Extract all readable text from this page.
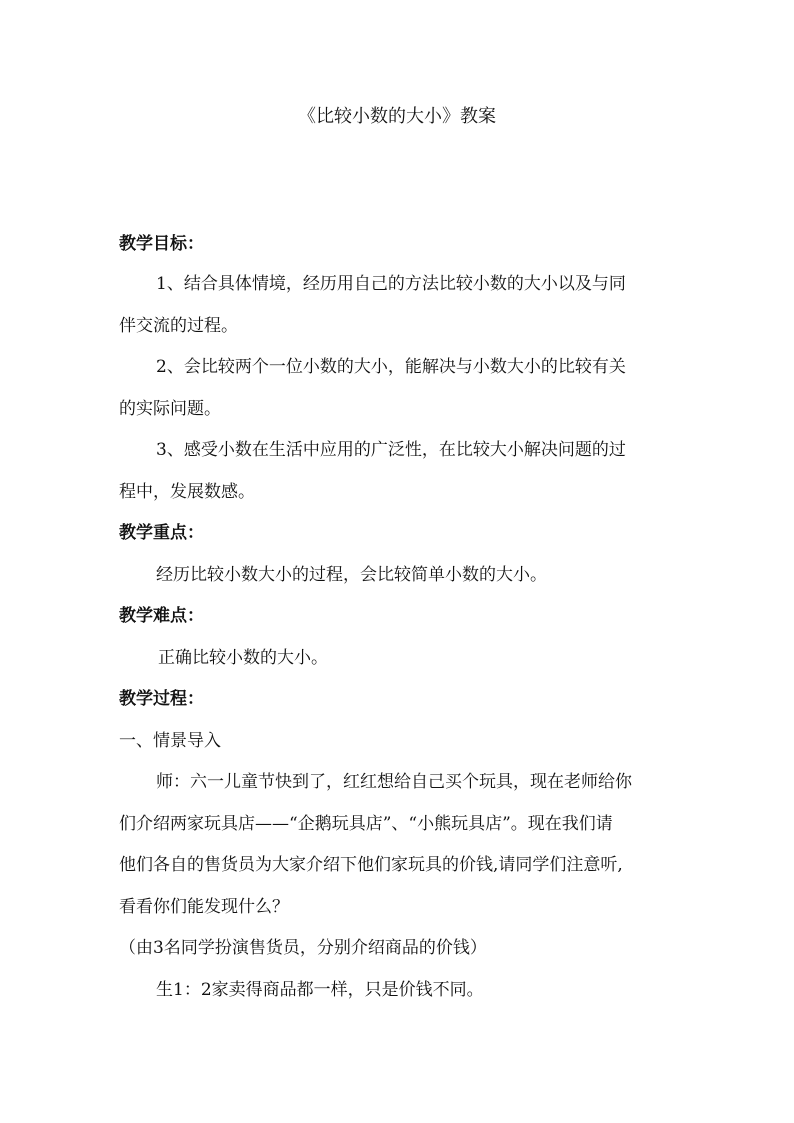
《比较小数的大小》教案
教学目标：
1、结合具体情境，经历用自己的方法比较小数的大小以及与同
伴交流的过程。
2、会比较两个一位小数的大小，能解决与小数大小的比较有关
的实际问题。
3、感受小数在生活中应用的广泛性，在比较大小解决问题的过
程中，发展数感。
教学重点：
经历比较小数大小的过程，会比较简单小数的大小。
教学难点：
正确比较小数的大小。
教学过程：
一、情景导入
师：六一儿童节快到了，红红想给自己买个玩具，现在老师给你
们介绍两家玩具店——“企鹅玩具店”、“小熊玩具店”。现在我们请
他们各自的售货员为大家介绍下他们家玩具的价钱,请同学们注意听,
看看你们能发现什么？
（由3名同学扮演售货员，分别介绍商品的价钱）
生1：2家卖得商品都一样，只是价钱不同。
